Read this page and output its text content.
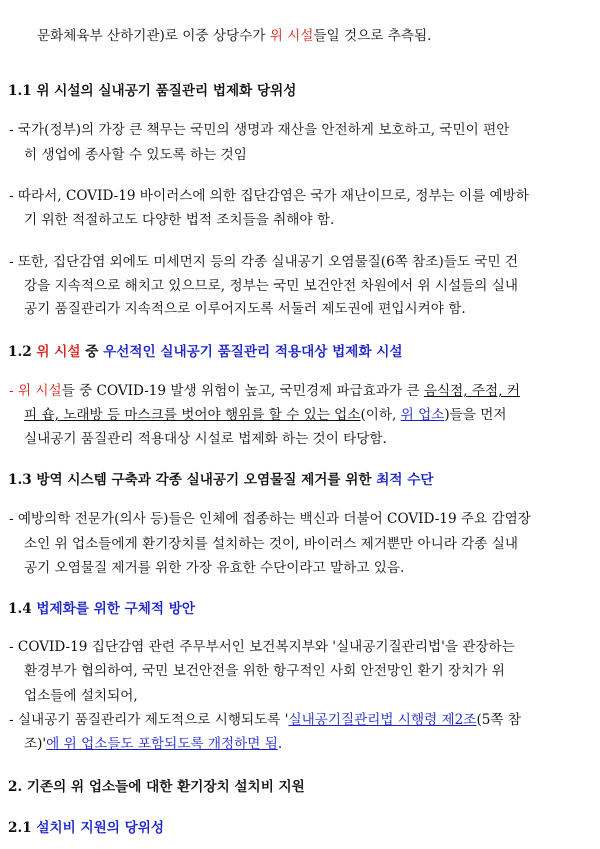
문화체육부 산하기관)로 이중 상당수가 위 시설들일 것으로 추측됨.
1.1 위 시설의 실내공기 품질관리 법제화 당위성
- 국가(정부)의 가장 큰 책무는 국민의 생명과 재산을 안전하게 보호하고, 국민이 편안
히 생업에 종사할 수 있도록 하는 것임
- 따라서, COVID-19 바이러스에 의한 집단감염은 국가 재난이므로, 정부는 이를 예방하
기 위한 적절하고도 다양한 법적 조치들을 취해야 함.
- 또한, 집단감염 외에도 미세먼지 등의 각종 실내공기 오염물질(6쪽 참조)들도 국민 건
강을 지속적으로 해치고 있으므로, 정부는 국민 보건안전 차원에서 위 시설들의 실내
공기 품질관리가 지속적으로 이루어지도록 서둘러 제도권에 편입시켜야 함.
1.2 위 시설 중 우선적인 실내공기 품질관리 적용대상 법제화 시설
- 위 시설들 중 COVID-19 발생 위험이 높고, 국민경제 파급효과가 큰 음식점, 주점, 커
피 숍, 노래방 등 마스크를 벗어야 행위를 할 수 있는 업소(이하, 위 업소)들을 먼저
실내공기 품질관리 적용대상 시설로 법제화 하는 것이 타당함.
1.3 방역 시스템 구축과 각종 실내공기 오염물질 제거를 위한 최적 수단
- 예방의학 전문가(의사 등)들은 인체에 접종하는 백신과 더불어 COVID-19 주요 감염장
소인 위 업소들에게 환기장치를 설치하는 것이, 바이러스 제거뿐만 아니라 각종 실내
공기 오염물질 제거를 위한 가장 유효한 수단이라고 말하고 있음.
1.4 법제화를 위한 구체적 방안
- COVID-19 집단감염 관련 주무부서인 보건복지부와 '실내공기질관리법'을 관장하는
환경부가 협의하여, 국민 보건안전을 위한 항구적인 사회 안전망인 환기 장치가 위
업소들에 설치되어,
- 실내공기 품질관리가 제도적으로 시행되도록 '실내공기질관리법 시행령 제2조(5쪽 참
조)'에 위 업소들도 포함되도록 개정하면 됨.
2. 기존의 위 업소들에 대한 환기장치 설치비 지원
2.1 설치비 지원의 당위성
